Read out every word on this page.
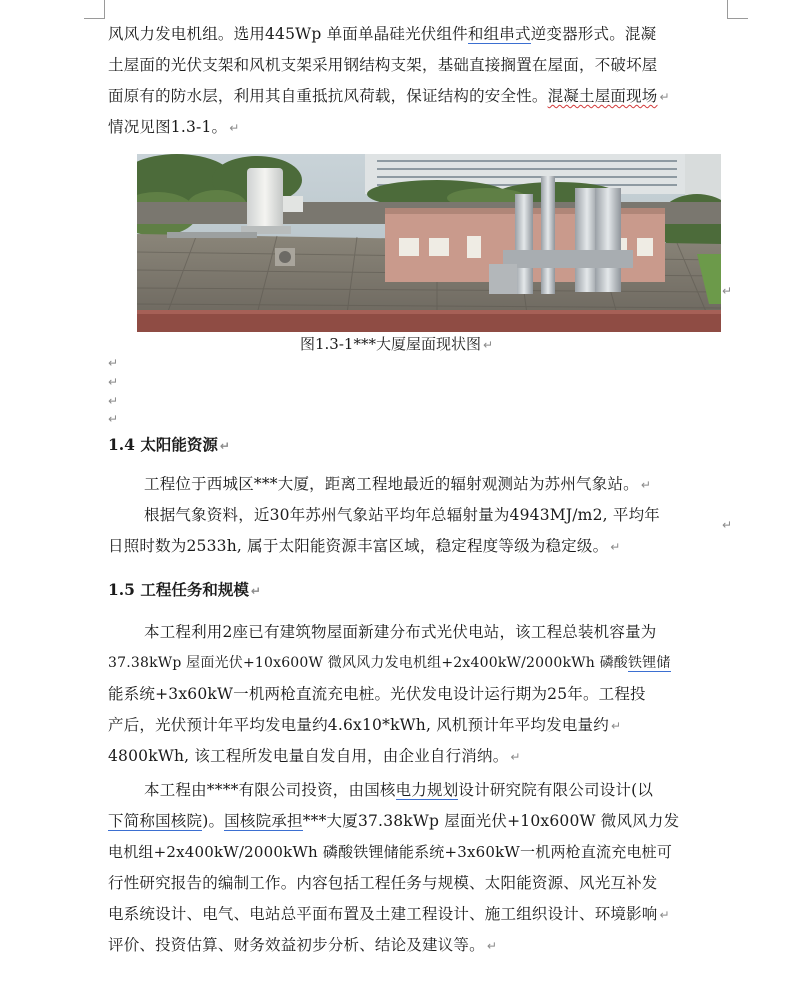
风风力发电机组。选用445Wp 单面单晶硅光伏组件和组串式逆变器形式。混凝
土屋面的光伏支架和风机支架采用钢结构支架，基础直接搁置在屋面，不破坏屋
面原有的防水层，利用其自重抵抗风荷载，保证结构的安全性。混凝土屋面现场 ↵
情况见图1.3-1。 ↵
图1.3-1***大厦屋面现状图 ↵
↵
↵
↵
↵
↵
1.4 太阳能资源 ↵
工程位于西城区***大厦，距离工程地最近的辐射观测站为苏州气象站。 ↵
根据气象资料，近30年苏州气象站平均年总辐射量为4943MJ/m2, 平均年
日照时数为2533h, 属于太阳能资源丰富区域，稳定程度等级为稳定级。 ↵
↵
1.5 工程任务和规模 ↵
本工程利用2座已有建筑物屋面新建分布式光伏电站，该工程总装机容量为
37.38kWp 屋面光伏+10x600W 微风风力发电机组+2x400kW/2000kWh 磷酸铁锂储
能系统+3x60kW一机两枪直流充电桩。光伏发电设计运行期为25年。工程投
产后，光伏预计年平均发电量约4.6x10*kWh, 风机预计年平均发电量约 ↵
4800kWh, 该工程所发电量自发自用，由企业自行消纳。 ↵
本工程由****有限公司投资，由国核电力规划设计研究院有限公司设计(以
下简称国核院)。国核院承担***大厦37.38kWp 屋面光伏+10x600W 微风风力发
电机组+2x400kW/2000kWh 磷酸铁锂储能系统+3x60kW一机两枪直流充电桩可
行性研究报告的编制工作。内容包括工程任务与规模、太阳能资源、风光互补发
电系统设计、电气、电站总平面布置及土建工程设计、施工组织设计、环境影响 ↵
评价、投资估算、财务效益初步分析、结论及建议等。 ↵
